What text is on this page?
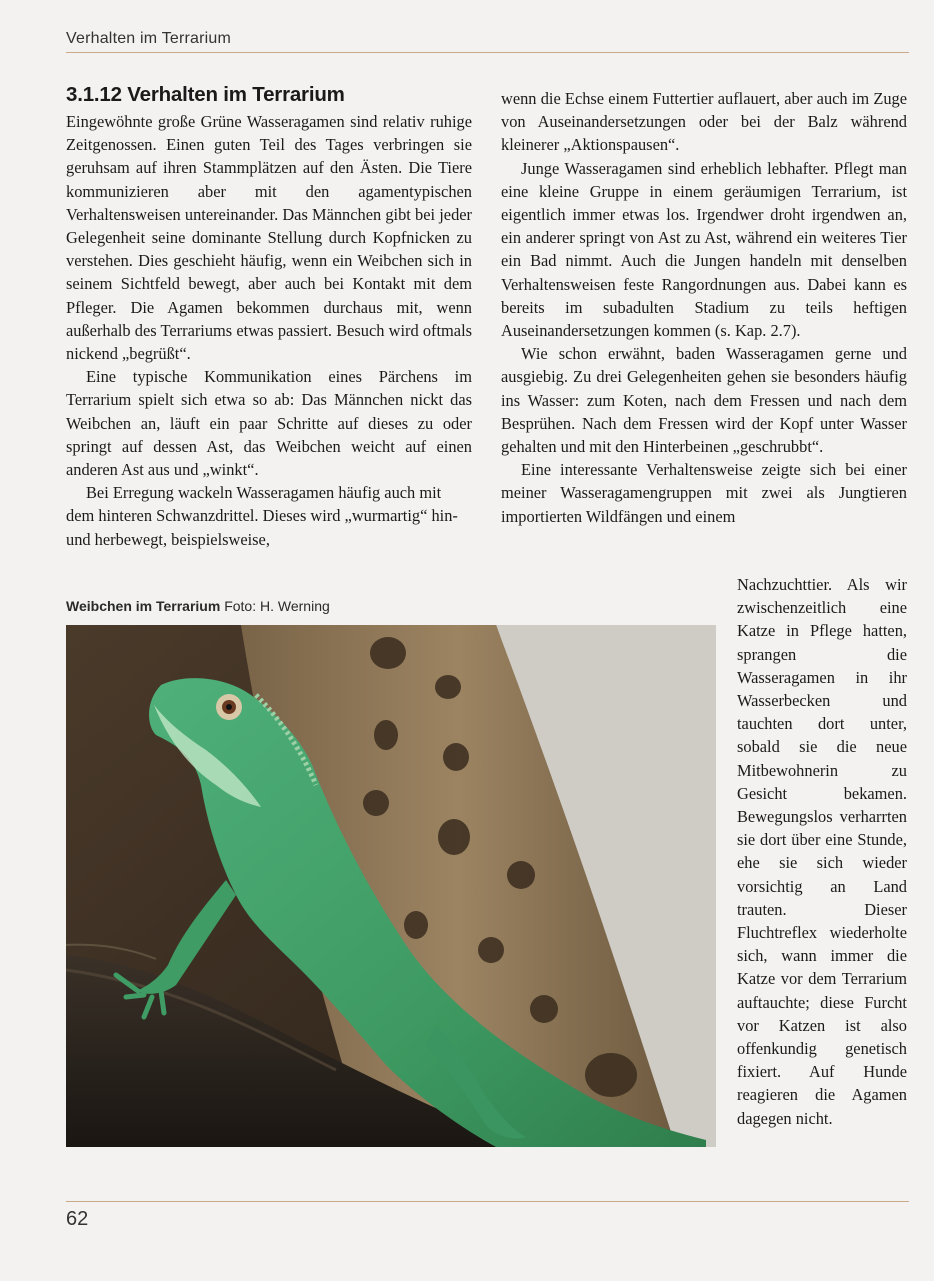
Verhalten im Terrarium
3.1.12 Verhalten im Terrarium

Eingewöhnte große Grüne Wasseragamen sind relativ ruhige Zeitgenossen. Einen guten Teil des Tages verbringen sie geruhsam auf ihren Stammplätzen auf den Ästen. Die Tiere kommunizieren aber mit den agamentypischen Verhaltensweisen untereinander. Das Männchen gibt bei jeder Gelegenheit seine dominante Stellung durch Kopfnicken zu verstehen. Dies geschieht häufig, wenn ein Weibchen sich in seinem Sichtfeld bewegt, aber auch bei Kontakt mit dem Pfleger. Die Agamen bekommen durchaus mit, wenn außerhalb des Terrariums etwas passiert. Besuch wird oftmals nickend „begrüßt“.

Eine typische Kommunikation eines Pärchens im Terrarium spielt sich etwa so ab: Das Männchen nickt das Weibchen an, läuft ein paar Schritte auf dieses zu oder springt auf dessen Ast, das Weibchen weicht auf einen anderen Ast aus und „winkt“.

Bei Erregung wackeln Wasseragamen häufig auch mit dem hinteren Schwanzdrittel. Dieses wird „wurmartig“ hin- und herbewegt, beispielsweise,

wenn die Echse einem Futtertier auflauert, aber auch im Zuge von Auseinandersetzungen oder bei der Balz während kleinerer „Aktionspausen“.

Junge Wasseragamen sind erheblich lebhafter. Pflegt man eine kleine Gruppe in einem geräumigen Terrarium, ist eigentlich immer etwas los. Irgendwer droht irgendwen an, ein anderer springt von Ast zu Ast, während ein weiteres Tier ein Bad nimmt. Auch die Jungen handeln mit denselben Verhaltensweisen feste Rangordnungen aus. Dabei kann es bereits im subadulten Stadium zu teils heftigen Auseinandersetzungen kommen (s. Kap. 2.7).

Wie schon erwähnt, baden Wasseragamen gerne und ausgiebig. Zu drei Gelegenheiten gehen sie besonders häufig ins Wasser: zum Koten, nach dem Fressen und nach dem Besprühen. Nach dem Fressen wird der Kopf unter Wasser gehalten und mit den Hinterbeinen „geschrubbt“.

Eine interessante Verhaltensweise zeigte sich bei einer meiner Wasseragamengruppen mit zwei als Jungtieren importierten Wildfängen und einem

Nachzuchttier. Als wir zwischenzeitlich eine Katze in Pflege hatten, sprangen die Wasseragamen in ihr Wasserbecken und tauchten dort unter, sobald sie die neue Mitbewohnerin zu Gesicht bekamen. Bewegungslos verharrten sie dort über eine Stunde, ehe sie sich wieder vorsichtig an Land trauten. Dieser Fluchtreflex wiederholte sich, wann immer die Katze vor dem Terrarium auftauchte; diese Furcht vor Katzen ist also offenkundig genetisch fixiert. Auf Hunde reagieren die Agamen dagegen nicht.

Weibchen im Terrarium Foto: H. Werning
62
